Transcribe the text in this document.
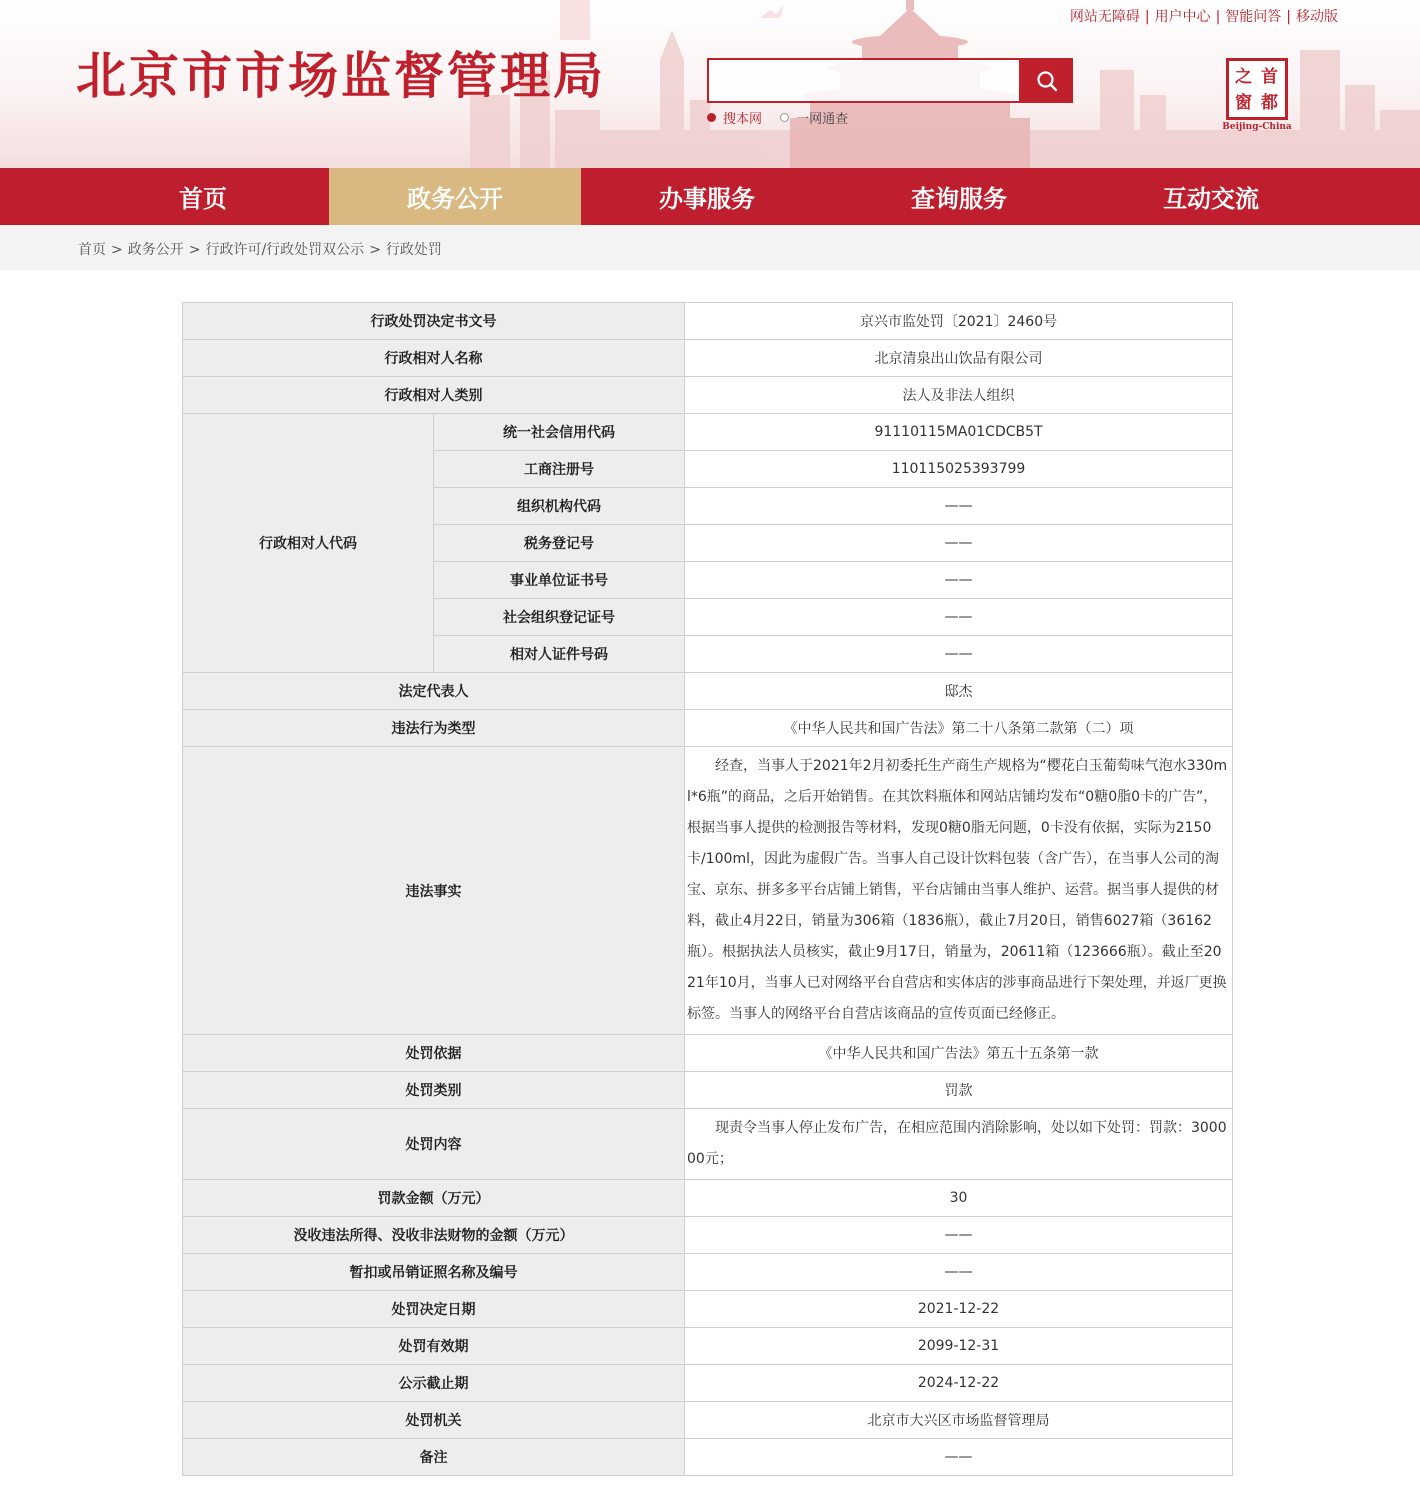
北京市市场监督管理局
网站无障碍 | 用户中心 | 智能问答 | 移动版
搜本网
	一网通查
首
都
之
窗
Beijing-China
首页	政务公开	办事服务	查询服务	互动交流
首页 > 政务公开 > 行政许可/行政处罚双公示 > 行政处罚
行政处罚决定书文号		京兴市监处罚〔2021〕2460号
行政相对人名称		北京清泉出山饮品有限公司
行政相对人类别		法人及非法人组织
行政相对人代码	统一社会信用代码	91110115MA01CDCB5T
	工商注册号	110115025393799
	组织机构代码	——
	税务登记号	——
	事业单位证书号	——
	社会组织登记证号	——
	相对人证件号码	——
法定代表人		邸杰
违法行为类型		《中华人民共和国广告法》第二十八条第二款第（二）项
违法事实		　　经查，当事人于2021年2月初委托生产商生产规格为“樱花白玉葡萄味气泡水330ml*6瓶”的商品，之后开始销售。在其饮料瓶体和网站店铺均发布“0糖0脂0卡的广告”，根据当事人提供的检测报告等材料，发现0糖0脂无问题，0卡没有依据，实际为2150卡/100ml，因此为虚假广告。当事人自己设计饮料包装（含广告），在当事人公司的淘宝、京东、拼多多平台店铺上销售，平台店铺由当事人维护、运营。据当事人提供的材料，截止4月22日，销量为306箱（1836瓶），截止7月20日，销售6027箱（36162瓶）。根据执法人员核实，截止9月17日，销量为，20611箱（123666瓶）。截止至2021年10月，当事人已对网络平台自营店和实体店的涉事商品进行下架处理，并返厂更换标签。当事人的网络平台自营店该商品的宣传页面已经修正。
处罚依据		《中华人民共和国广告法》第五十五条第一款
处罚类别		罚款
处罚内容		　　现责令当事人停止发布广告，在相应范围内消除影响，处以如下处罚：罚款：300000元；
罚款金额（万元）		30
没收违法所得、没收非法财物的金额（万元）		——
暂扣或吊销证照名称及编号		——
处罚决定日期		2021-12-22
处罚有效期		2099-12-31
公示截止期		2024-12-22
处罚机关		北京市大兴区市场监督管理局
备注		——
